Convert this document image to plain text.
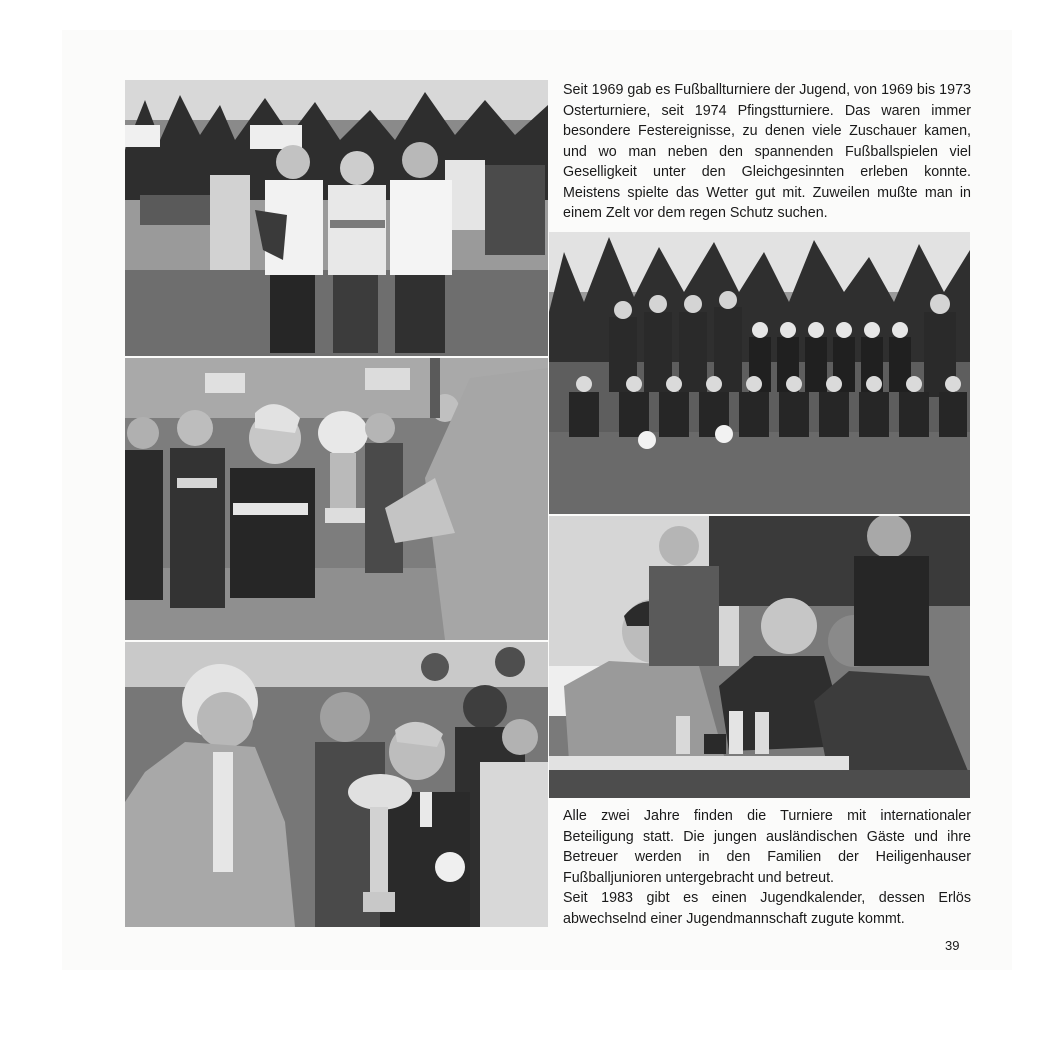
Seit 1969 gab es Fußballturniere der Jugend, von 1969 bis 1973 Osterturniere, seit 1974 Pfingstturniere. Das waren immer besondere Festereignisse, zu denen viele Zuschauer kamen, und wo man neben den spannenden Fußballspielen viel Geselligkeit unter den Gleichgesinnten erleben konnte. Meistens spielte das Wetter gut mit. Zuweilen mußte man in einem Zelt vor dem regen Schutz suchen.

Alle zwei Jahre finden die Turniere mit internationaler Beteiligung statt. Die jungen ausländischen Gäste und ihre Betreuer werden in den Familien der Heiligenhauser Fußballjunioren untergebracht und betreut.

Seit 1983 gibt es einen Jugendkalender, dessen Erlös abwechselnd einer Jugendmannschaft zugute kommt.

39
